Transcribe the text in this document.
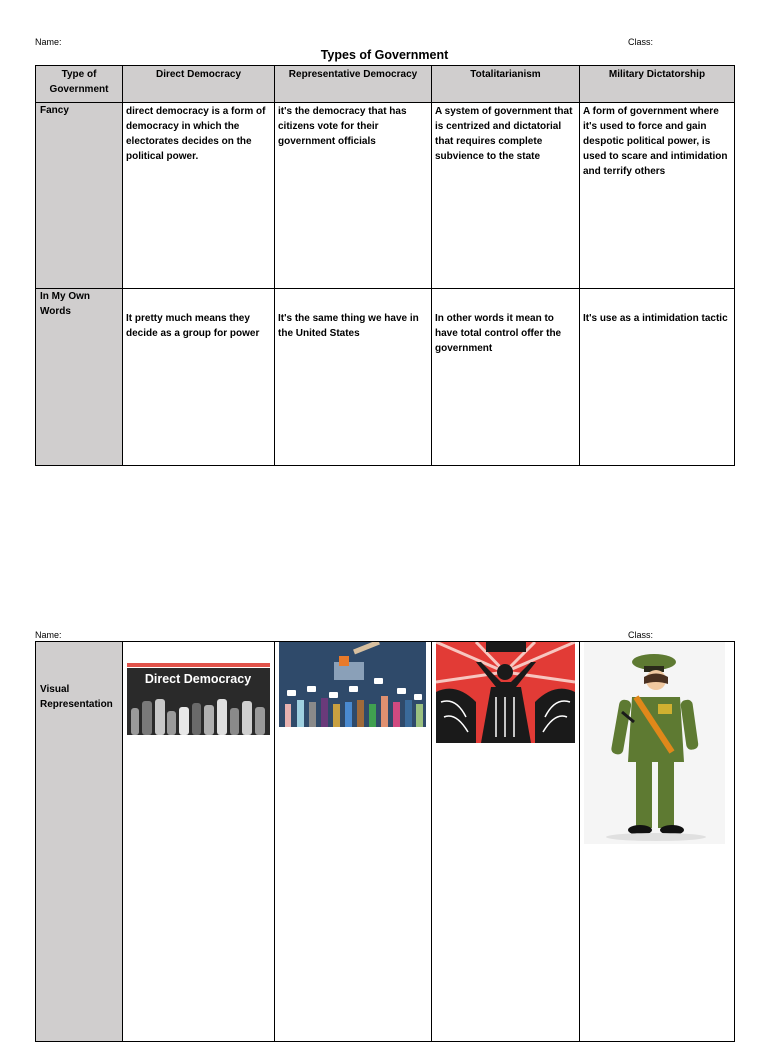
Name:	Class:
Types of Government
Type of Government	Direct Democracy	Representative Democracy	Totalitarianism	Military Dictatorship

Fancy	direct democracy is a form of democracy in which the electorates decides on the political power.	it's the democracy that has citizens vote for their government officials	A system of government that is centrized and dictatorial that requires complete subvience to the state	A form of government where it's used to force and gain despotic political power, is used to scare and intimidation and terrify others

In My Own Words	It pretty much means they decide as a group for power	It's the same thing we have in the United States	In other words it mean to have total control offer the government	It's use as a intimidation tactic
Name:	Class:
Visual Representation

Direct Democracy
